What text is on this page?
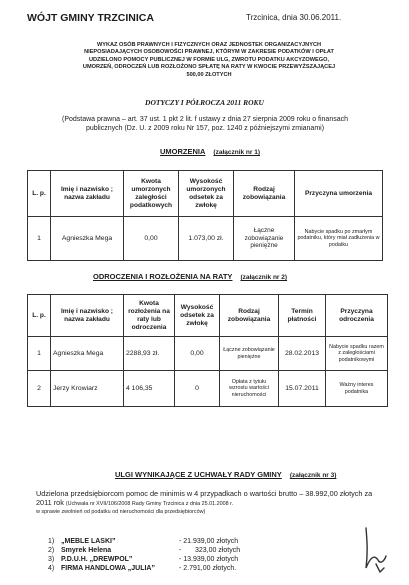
WÓJT GMINY TRZCINICA	Trzcinica, dnia 30.06.2011.
WYKAZ OSÓB PRAWNYCH I FIZYCZNYCH ORAZ JEDNOSTEK ORGANIZACYJNYCH
NIEPOSIADAJĄCYCH OSOBOWOŚCI PRAWNEJ, KTÓRYM W ZAKRESIE PODATKÓW I OPŁAT
UDZIELONO POMOCY PUBLICZNEJ W FORMIE ULG, ZWROTU PODATKU AKCYZOWEGO,
UMORZEŃ, ODROCZEŃ LUB ROZŁOŻONO SPŁATĘ NA RATY W KWOCIE PRZEWYŻSZAJĄCEJ
500,00 ZŁOTYCH
DOTYCZY I PÓŁROCZA 2011 ROKU
(Podstawa prawna – art. 37 ust. 1 pkt 2 lit. f ustawy z dnia 27 sierpnia 2009 roku o finansach publicznych (Dz. U. z 2009 roku Nr 157, poz. 1240 z późniejszymi zmianami)
UMORZENIA (załącznik nr 1)
L. p.	Imię i nazwisko ; nazwa zakładu	Kwota umorzonych zaległości podatkowych	Wysokość umorzonych odsetek za zwłokę	Rodzaj zobowiązania	Przyczyna umorzenia
1	Agnieszka Mega	0,00	1.073,00 zł.	Łączne zobowiązanie pieniężne	Nabycie spadku po zmarłym podatniku, który miał zadłużenia w podatku
ODROCZENIA I ROZŁOŻENIA NA RATY (załącznik nr 2)
L. p.	Imię i nazwisko ; nazwa zakładu	Kwota rozłożenia na raty lub odroczenia	Wysokość odsetek za zwłokę	Rodzaj zobowiązania	Termin płatności	Przyczyna odroczenia
1	Agnieszka Mega	2288,93 zł.	0,00	Łączne zobowiązanie pieniężne	28.02.2013	Nabycie spadku razem z zaległościami podatnikowymi
2	Jerzy Krowiarz	4 106,35	0	Opłata z tytułu wzrostu wartości nieruchomości	15.07.2011	Ważny interes podatnika
ULGI WYNIKAJĄCE Z UCHWAŁY RADY GMINY (załącznik nr 3)
Udzielona przedsiębiorcom pomoc de minimis w 4 przypadkach o wartości brutto – 38.992,00 złotych za 2011 rok (Uchwała nr XVII/106/2008 Rady Gminy Trzcinica z dnia 25.01.2008 r.
w sprawie zwolnień od podatku od nieruchomości dla przedsiębiorców)
1) „MEBLE LASKI”	- 21.939,00 złotych
2) Smyrek Helena	-       323,00 złotych
3) P.D.U.H. „DREWPOL”	- 13.939,00 złotych
4) FIRMA HANDLOWA „JULIA”	- 2.791,00 złotych.
